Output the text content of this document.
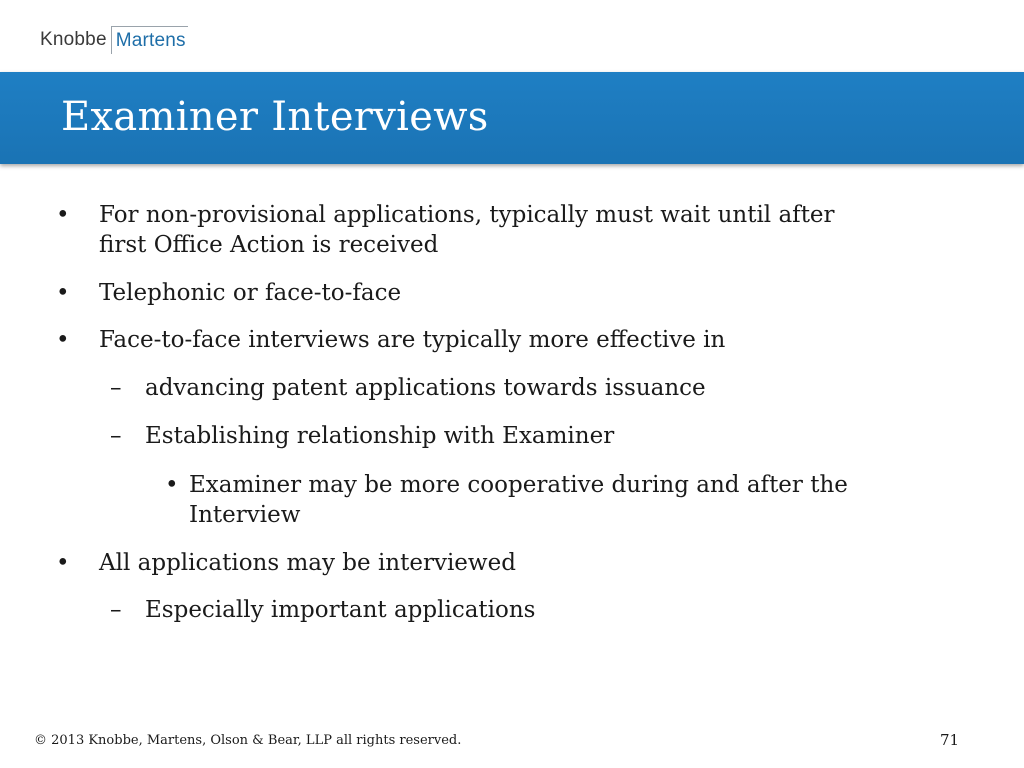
Knobbe Martens
Examiner Interviews
• For non-provisional applications, typically must wait until after
first Office Action is received
• Telephonic or face-to-face
• Face-to-face interviews are typically more effective in
– advancing patent applications towards issuance
– Establishing relationship with Examiner
• Examiner may be more cooperative during and after the
Interview
• All applications may be interviewed
– Especially important applications
© 2013 Knobbe, Martens, Olson & Bear, LLP all rights reserved.	71
